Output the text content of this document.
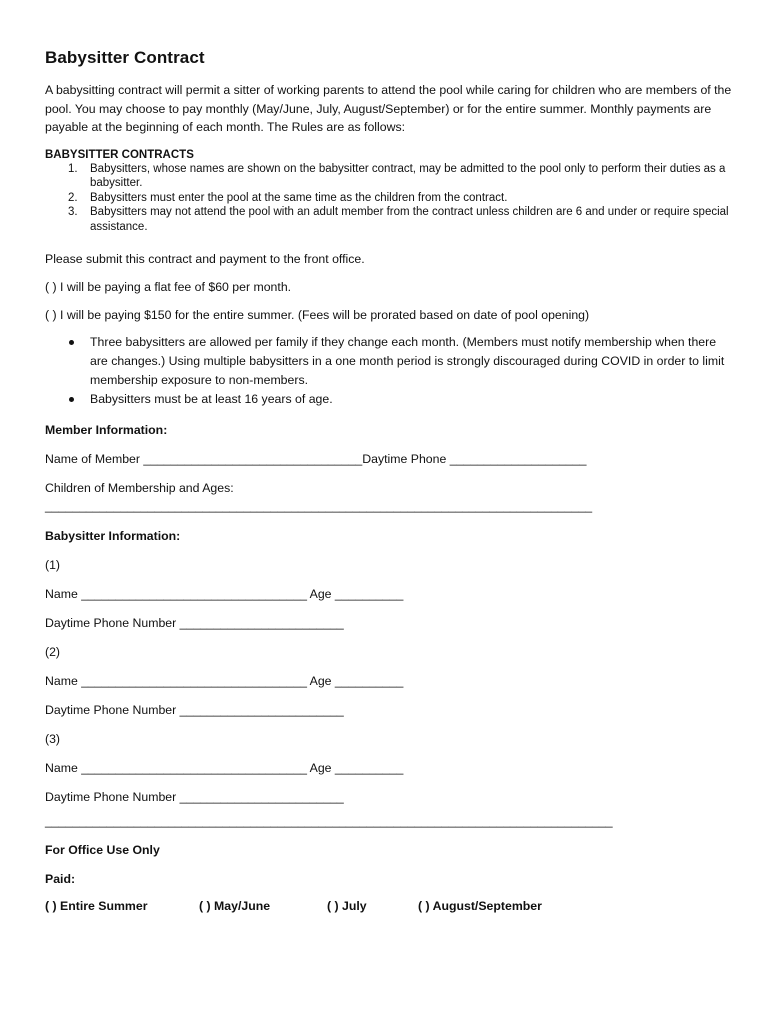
Babysitter Contract

A babysitting contract will permit a sitter of working parents to attend the pool while caring for children who are members of the pool. You may choose to pay monthly (May/June, July, August/September) or for the entire summer. Monthly payments are payable at the beginning of each month. The Rules are as follows:

BABYSITTER CONTRACTS

1. Babysitters, whose names are shown on the babysitter contract, may be admitted to the pool only to perform their duties as a babysitter.
2. Babysitters must enter the pool at the same time as the children from the contract.
3. Babysitters may not attend the pool with an adult member from the contract unless children are 6 and under or require special assistance.

Please submit this contract and payment to the front office.

( ) I will be paying a flat fee of $60 per month.

( ) I will be paying $150 for the entire summer. (Fees will be prorated based on date of pool opening)

Three babysitters are allowed per family if they change each month. (Members must notify membership when there are changes.) Using multiple babysitters in a one month period is strongly discouraged during COVID in order to limit membership exposure to non-members.
Babysitters must be at least 16 years of age.

Member Information:

Name of Member ________________________________Daytime Phone ____________________

Children of Membership and Ages:

________________________________________________________________________________

Babysitter Information:

(1)

Name _________________________________ Age __________

Daytime Phone Number ________________________

(2)

Name _________________________________ Age __________

Daytime Phone Number ________________________

(3)

Name _________________________________ Age __________

Daytime Phone Number ________________________

___________________________________________________________________________________

For Office Use Only

Paid:

( ) Entire Summer	( ) May/June	( ) July	( ) August/September
